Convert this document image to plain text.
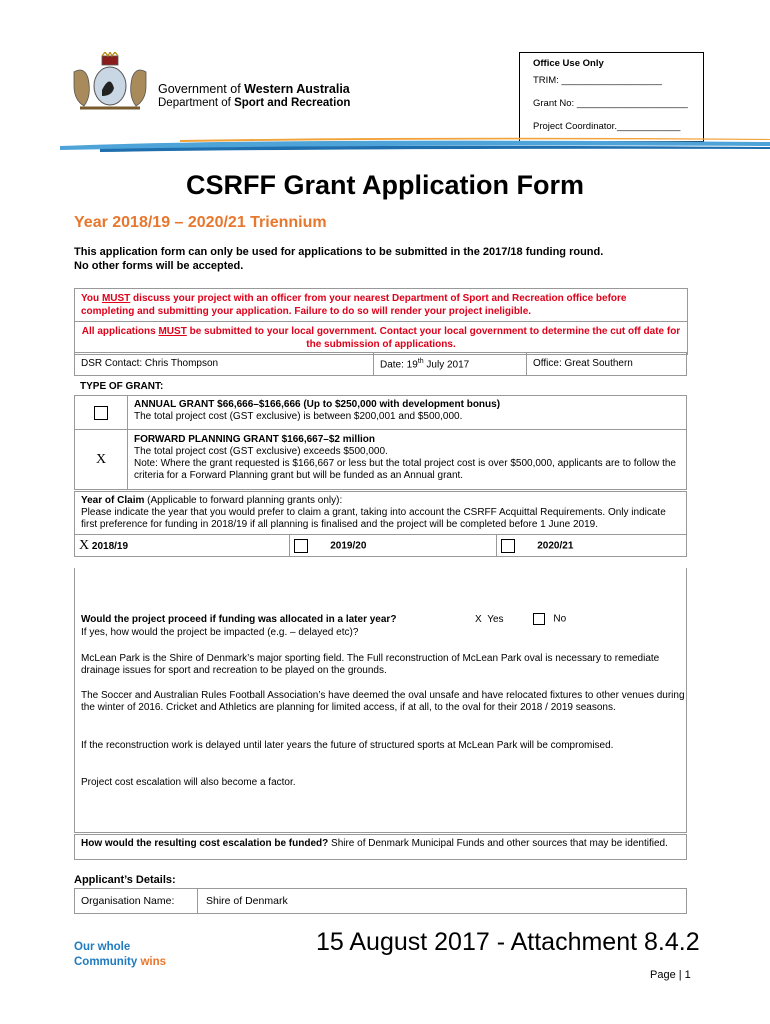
Government of Western Australia
Department of Sport and Recreation
Office Use Only
TRIM: ___________________
Grant No: _____________________
Project Coordinator.____________
CSRFF Grant Application Form
Year 2018/19 – 2020/21 Triennium
This application form can only be used for applications to be submitted in the 2017/18 funding round.
No other forms will be accepted.
You MUST discuss your project with an officer from your nearest Department of Sport and Recreation office before completing and submitting your application. Failure to do so will render your project ineligible.
All applications MUST be submitted to your local government. Contact your local government to determine the cut off date for the submission of applications.
DSR Contact: Chris Thompson	Date: 19th July 2017	Office: Great Southern
TYPE OF GRANT:

	ANNUAL GRANT $66,666–$166,666 (Up to $250,000 with development bonus)
The total project cost (GST exclusive) is between $200,001 and $500,000.

X	FORWARD PLANNING GRANT $166,667–$2 million
The total project cost (GST exclusive) exceeds $500,000.
Note: Where the grant requested is $166,667 or less but the total project cost is over $500,000, applicants are to follow the criteria for a Forward Planning grant but will be funded as an Annual grant.
Year of Claim (Applicable to forward planning grants only):
Please indicate the year that you would prefer to claim a grant, taking into account the CSRFF Acquittal Requirements. Only indicate first preference for funding in 2018/19 if all planning is finalised and the project will be completed before 1 June 2019.

X 2018/19	2019/20	2020/21
Would the project proceed if funding was allocated in a later year?	X Yes	No
If yes, how would the project be impacted (e.g. – delayed etc)?
McLean Park is the Shire of Denmark’s major sporting field. The Full reconstruction of McLean Park oval is necessary to remediate drainage issues for sport and recreation to be played on the grounds.
The Soccer and Australian Rules Football Association’s have deemed the oval unsafe and have relocated fixtures to other venues during the winter of 2016. Cricket and Athletics are planning for limited access, if at all, to the oval for their 2018 / 2019 seasons.
If the reconstruction work is delayed until later years the future of structured sports at McLean Park will be compromised.
Project cost escalation will also become a factor.
How would the resulting cost escalation be funded? Shire of Denmark Municipal Funds and other sources that may be identified.
Applicant’s Details:
Organisation Name:	Shire of Denmark
Our whole
Community wins
15 August 2017 - Attachment 8.4.2
Page | 1
